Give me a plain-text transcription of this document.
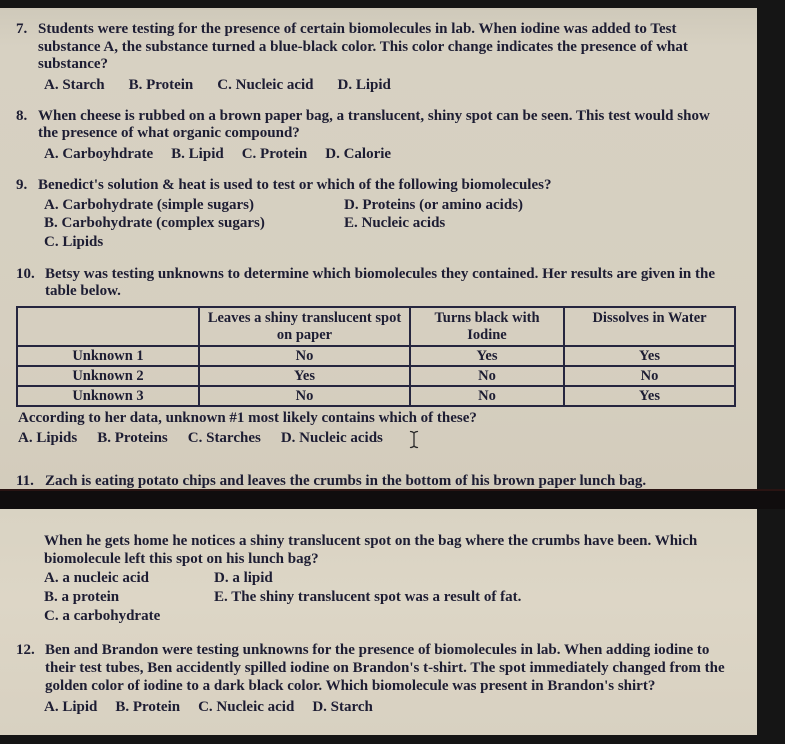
7. Students were testing for the presence of certain biomolecules in lab. When iodine was added to Test substance A, the substance turned a blue-black color. This color change indicates the presence of what substance?
A. Starch B. Protein C. Nucleic acid D. Lipid
8. When cheese is rubbed on a brown paper bag, a translucent, shiny spot can be seen. This test would show the presence of what organic compound?
A. Carboyhdrate B. Lipid C. Protein D. Calorie
9. Benedict's solution & heat is used to test or which of the following biomolecules?
A. Carbohydrate (simple sugars)
B. Carbohydrate (complex sugars)
C. Lipids
D. Proteins (or amino acids)
E. Nucleic acids
10. Betsy was testing unknowns to determine which biomolecules they contained. Her results are given in the table below.
	Leaves a shiny translucent spot on paper	Turns black with Iodine	Dissolves in Water
Unknown 1	No	Yes	Yes
Unknown 2	Yes	No	No
Unknown 3	No	No	Yes
According to her data, unknown #1 most likely contains which of these?
A. Lipids B. Proteins C. Starches D. Nucleic acids
11. Zach is eating potato chips and leaves the crumbs in the bottom of his brown paper lunch bag.
When he gets home he notices a shiny translucent spot on the bag where the crumbs have been. Which biomolecule left this spot on his lunch bag?
A. a nucleic acid
B. a protein
C. a carbohydrate
D. a lipid
E. The shiny translucent spot was a result of fat.
12. Ben and Brandon were testing unknowns for the presence of biomolecules in lab. When adding iodine to their test tubes, Ben accidently spilled iodine on Brandon's t-shirt. The spot immediately changed from the golden color of iodine to a dark black color. Which biomolecule was present in Brandon's shirt?
A. Lipid B. Protein C. Nucleic acid D. Starch
